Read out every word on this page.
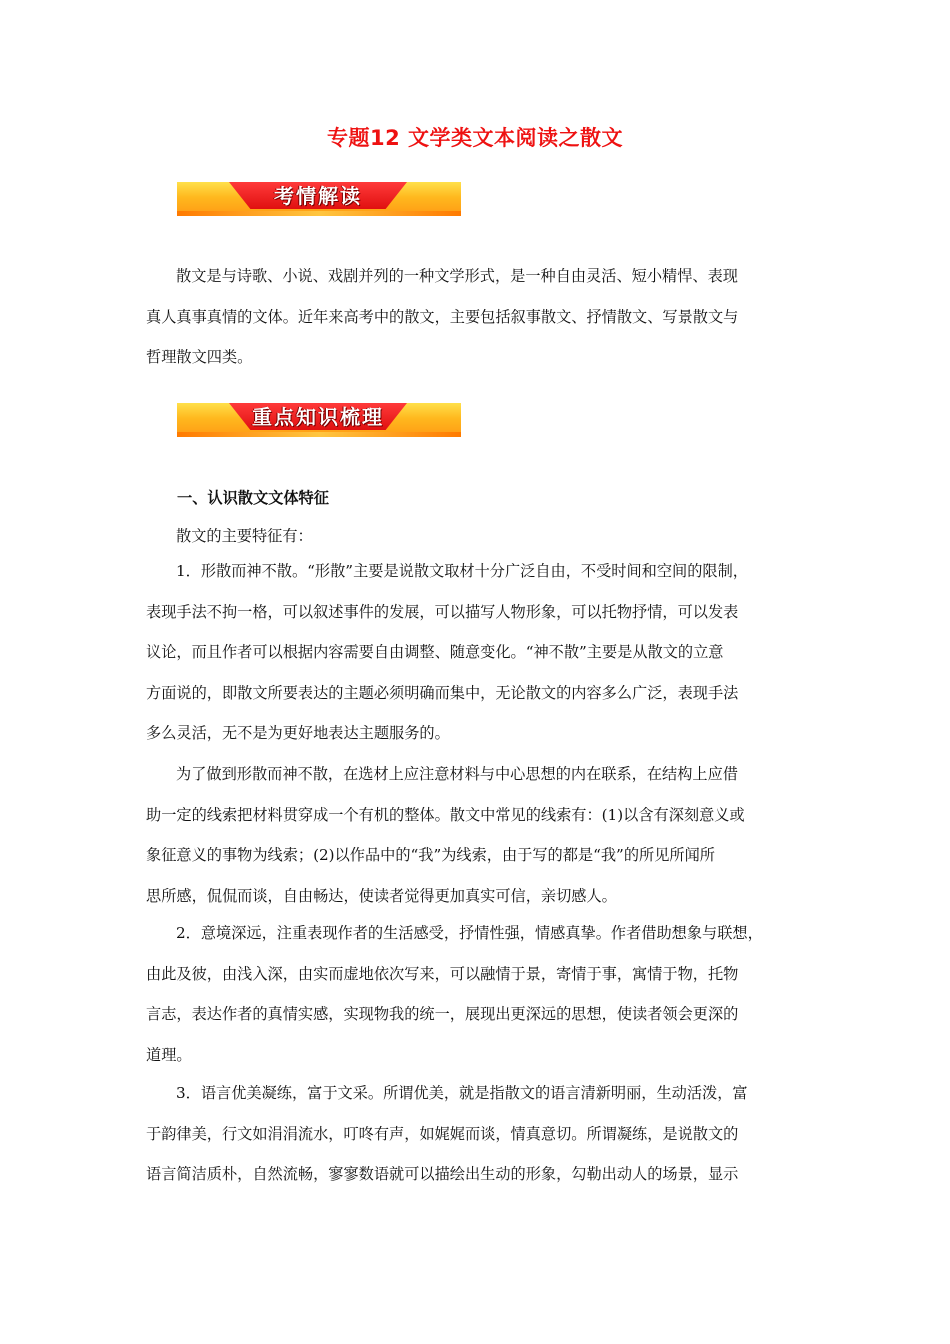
专题12 文学类文本阅读之散文
考情解读
散文是与诗歌、小说、戏剧并列的一种文学形式，是一种自由灵活、短小精悍、表现
真人真事真情的文体。近年来高考中的散文，主要包括叙事散文、抒情散文、写景散文与
哲理散文四类。
重点知识梳理
一、认识散文文体特征
散文的主要特征有：
1．形散而神不散。“形散”主要是说散文取材十分广泛自由，不受时间和空间的限制，
表现手法不拘一格，可以叙述事件的发展，可以描写人物形象，可以托物抒情，可以发表
议论，而且作者可以根据内容需要自由调整、随意变化。“神不散”主要是从散文的立意
方面说的，即散文所要表达的主题必须明确而集中，无论散文的内容多么广泛，表现手法
多么灵活，无不是为更好地表达主题服务的。
为了做到形散而神不散，在选材上应注意材料与中心思想的内在联系，在结构上应借
助一定的线索把材料贯穿成一个有机的整体。散文中常见的线索有：(1)以含有深刻意义或
象征意义的事物为线索；(2)以作品中的“我”为线索，由于写的都是“我”的所见所闻所
思所感，侃侃而谈，自由畅达，使读者觉得更加真实可信，亲切感人。
2．意境深远，注重表现作者的生活感受，抒情性强，情感真挚。作者借助想象与联想，
由此及彼，由浅入深，由实而虚地依次写来，可以融情于景，寄情于事，寓情于物，托物
言志，表达作者的真情实感，实现物我的统一，展现出更深远的思想，使读者领会更深的
道理。
3．语言优美凝练，富于文采。所谓优美，就是指散文的语言清新明丽，生动活泼，富
于韵律美，行文如涓涓流水，叮咚有声，如娓娓而谈，情真意切。所谓凝练，是说散文的
语言简洁质朴，自然流畅，寥寥数语就可以描绘出生动的形象，勾勒出动人的场景，显示
